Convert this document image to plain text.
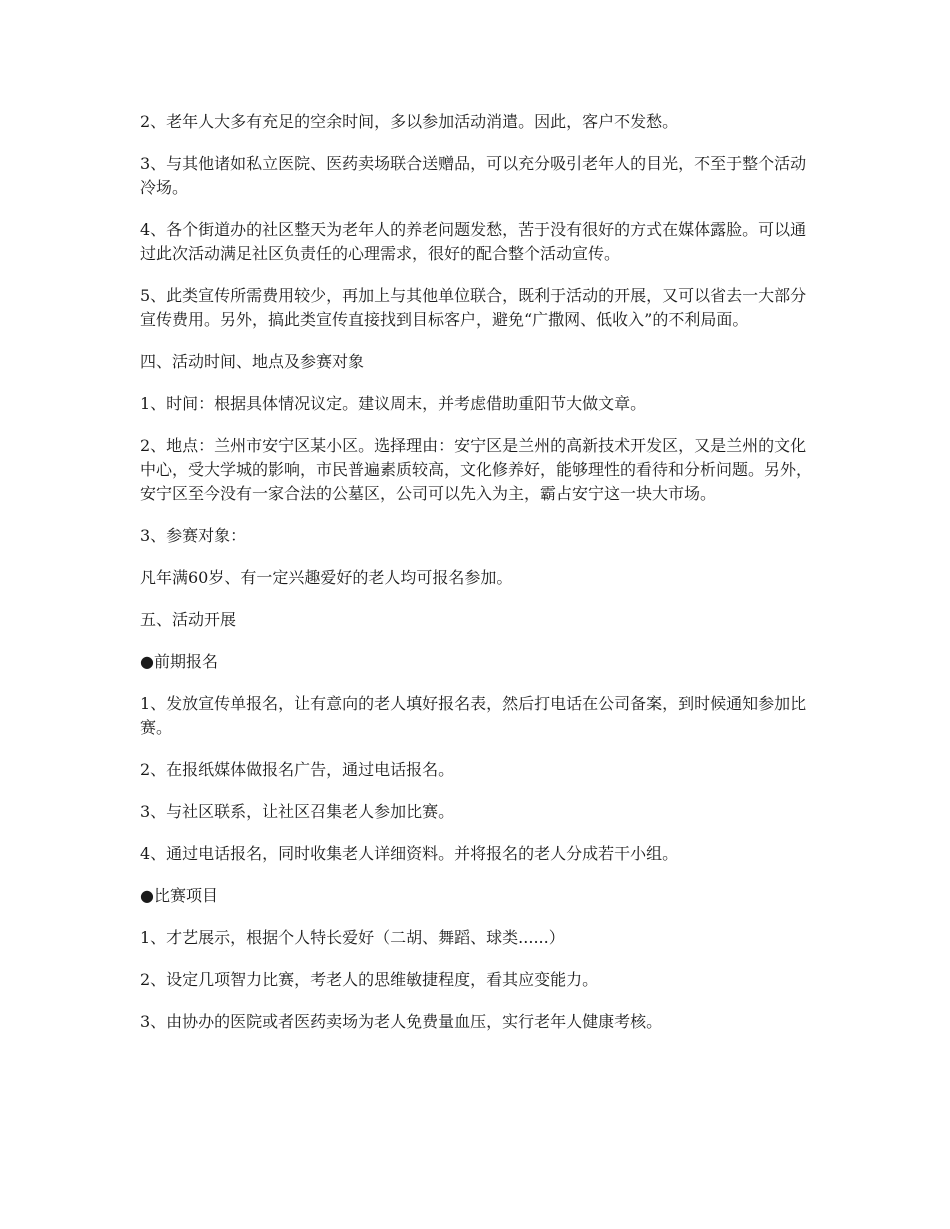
2、老年人大多有充足的空余时间，多以参加活动消遣。因此，客户不发愁。

3、与其他诸如私立医院、医药卖场联合送赠品，可以充分吸引老年人的目光，不至于整个活动冷场。

4、各个街道办的社区整天为老年人的养老问题发愁，苦于没有很好的方式在媒体露脸。可以通过此次活动满足社区负责任的心理需求，很好的配合整个活动宣传。

5、此类宣传所需费用较少，再加上与其他单位联合，既利于活动的开展，又可以省去一大部分宣传费用。另外，搞此类宣传直接找到目标客户，避免“广撒网、低收入”的不利局面。

四、活动时间、地点及参赛对象

1、时间：根据具体情况议定。建议周末，并考虑借助重阳节大做文章。

2、地点：兰州市安宁区某小区。选择理由：安宁区是兰州的高新技术开发区，又是兰州的文化中心，受大学城的影响，市民普遍素质较高，文化修养好，能够理性的看待和分析问题。另外，安宁区至今没有一家合法的公墓区，公司可以先入为主，霸占安宁这一块大市场。

3、参赛对象：

凡年满60岁、有一定兴趣爱好的老人均可报名参加。

五、活动开展

●前期报名

1、发放宣传单报名，让有意向的老人填好报名表，然后打电话在公司备案，到时候通知参加比赛。

2、在报纸媒体做报名广告，通过电话报名。

3、与社区联系，让社区召集老人参加比赛。

4、通过电话报名，同时收集老人详细资料。并将报名的老人分成若干小组。

●比赛项目

1、才艺展示，根据个人特长爱好（二胡、舞蹈、球类......）

2、设定几项智力比赛，考老人的思维敏捷程度，看其应变能力。

3、由协办的医院或者医药卖场为老人免费量血压，实行老年人健康考核。
